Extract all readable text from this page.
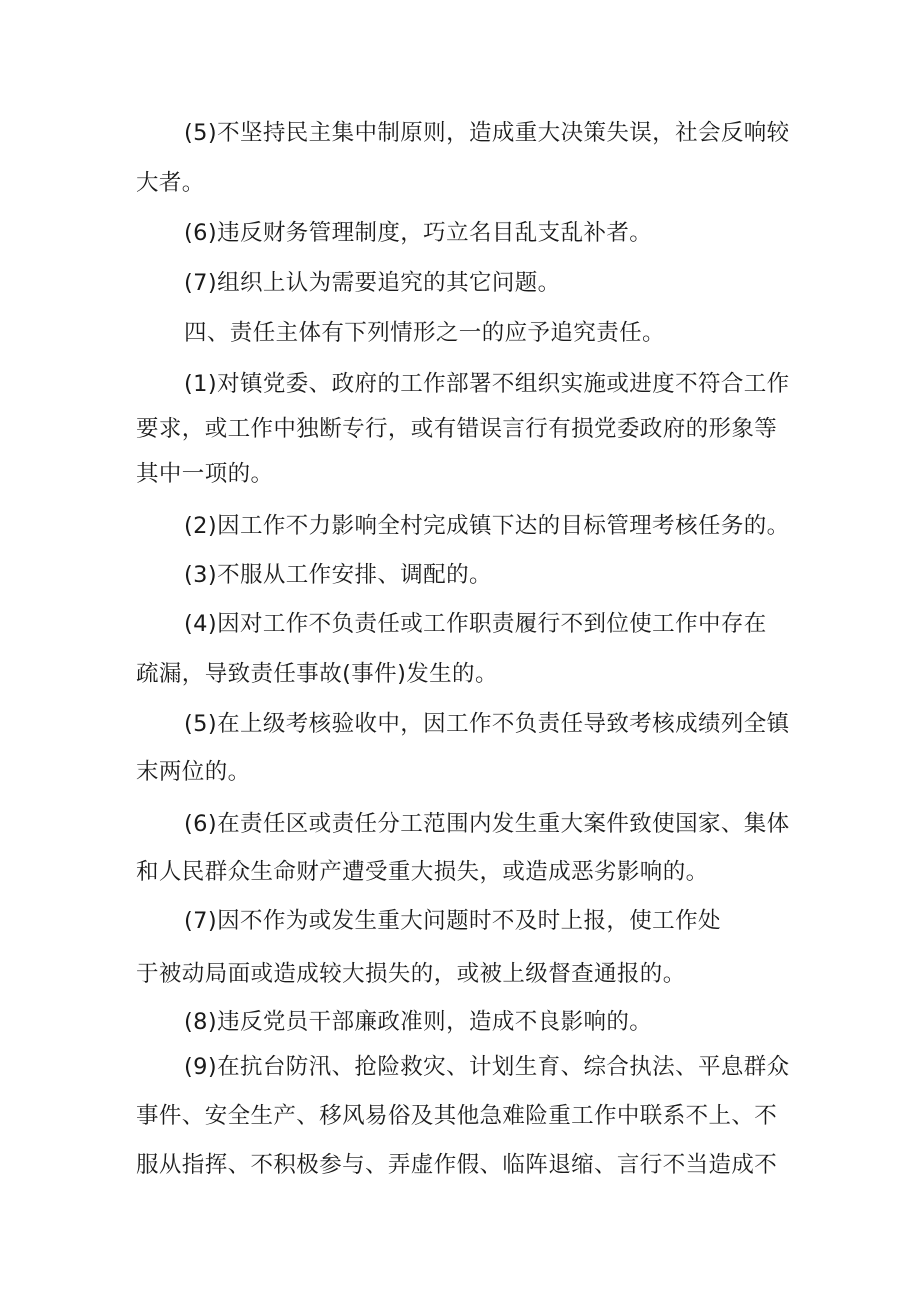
(5)不坚持民主集中制原则，造成重大决策失误，社会反响较
大者。
(6)违反财务管理制度，巧立名目乱支乱补者。
(7)组织上认为需要追究的其它问题。
四、责任主体有下列情形之一的应予追究责任。
(1)对镇党委、政府的工作部署不组织实施或进度不符合工作
要求，或工作中独断专行，或有错误言行有损党委政府的形象等
其中一项的。
(2)因工作不力影响全村完成镇下达的目标管理考核任务的。
(3)不服从工作安排、调配的。
(4)因对工作不负责任或工作职责履行不到位使工作中存在
疏漏，导致责任事故(事件)发生的。
(5)在上级考核验收中，因工作不负责任导致考核成绩列全镇
末两位的。
(6)在责任区或责任分工范围内发生重大案件致使国家、集体
和人民群众生命财产遭受重大损失，或造成恶劣影响的。
(7)因不作为或发生重大问题时不及时上报，使工作处
于被动局面或造成较大损失的，或被上级督查通报的。
(8)违反党员干部廉政准则，造成不良影响的。
(9)在抗台防汛、抢险救灾、计划生育、综合执法、平息群众
事件、安全生产、移风易俗及其他急难险重工作中联系不上、不
服从指挥、不积极参与、弄虚作假、临阵退缩、言行不当造成不
